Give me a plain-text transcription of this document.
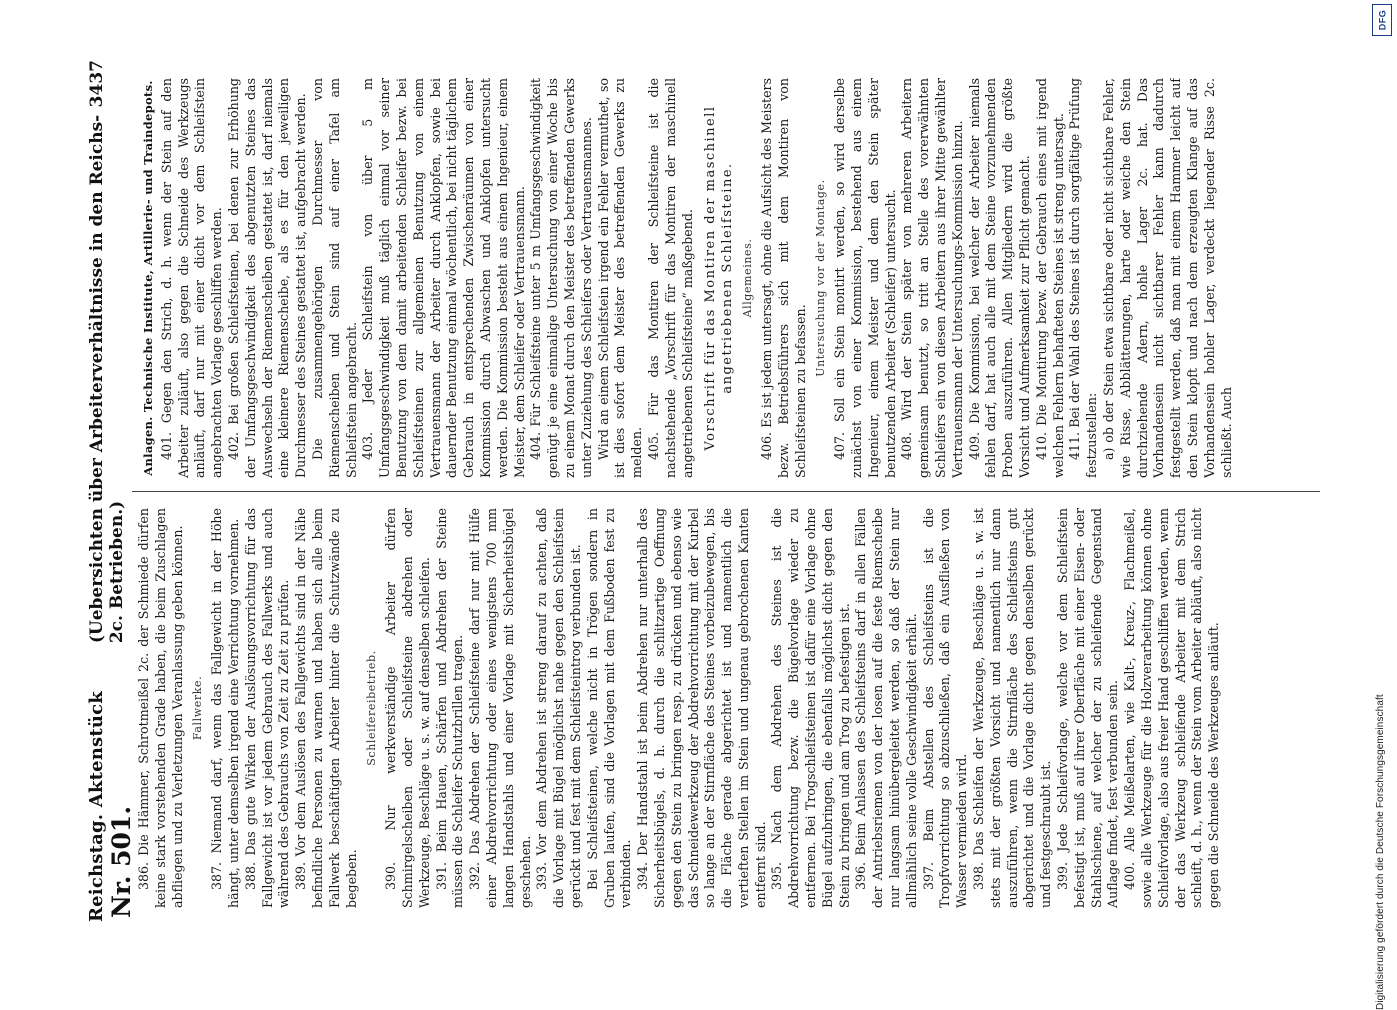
Reichstag. Aktenstück Nr. 501.
(Uebersichten über Arbeiterverhältnisse in den Reichs- 2c. Betrieben.)
3437

386. Die Hämmer, Schrotmeißel 2c. der Schmiede dürfen keine stark vorstehenden Grade haben, die beim Zuschlagen abfliegen und zu Verletzungen Veranlassung geben können. Fallwerke. 387. Niemand darf, wenn das Fallgewicht in der Höhe hängt, unter demselben irgend eine Verrichtung vornehmen. 388. Das gute Wirken der Auslösungsvorrichtung für das Fallgewicht ist vor jedem Gebrauch des Fallwerks und auch während des Gebrauchs von Zeit zu Zeit zu prüfen. 389. Vor dem Auslösen des Fallgewichts sind in der Nähe befindliche Personen zu warnen und haben sich alle beim Fallwerk beschäftigten Arbeiter hinter die Schutzwände zu begeben.

Schleifereibetrieb. 390. Nur werkverständige Arbeiter dürfen Schmirgelscheiben oder Schleifsteine abdrehen oder Werkzeuge, Beschläge u. s. w. auf denselben schleifen. 391. Beim Hauen, Schärfen und Abdrehen der Steine müssen die Schleifer Schutzbrillen tragen. 392. Das Abdrehen der Schleifsteine darf nur mit Hülfe einer Abdrehvorrichtung oder eines wenigstens 700 mm langen Handstahls und einer Vorlage mit Sicherheitsbügel geschehen. 393. Vor dem Abdrehen ist streng darauf zu achten, daß die Vorlage mit Bügel möglichst nahe gegen den Schleifstein gerückt und fest mit dem Schleifsteintrog verbunden ist. Bei Schleifsteinen, welche nicht in Trögen sondern in Gruben laufen, sind die Vorlagen mit dem Fußboden fest zu verbinden. 394. Der Handstahl ist beim Abdrehen nur unterhalb des Sicherheitsbügels, d. h. durch die schlitzartige Oeffnung gegen den Stein zu bringen resp. zu drücken und ebenso wie das Schneidewerkzeug der Abdrehvorrichtung mit der Kurbel so lange an der Stirnfläche des Steines vorbeizubewegen, bis die Fläche gerade abgerichtet ist und namentlich die vertieften Stellen im Stein und ungenau gebrochenen Kanten entfernt sind. 395. Nach dem Abdrehen des Steines ist die Abdrehvorrichtung bezw. die Bügelvorlage wieder zu entfernen. Bei Trogschleifsteinen ist dafür eine Vorlage ohne Bügel aufzubringen, die ebenfalls möglichst dicht gegen den Stein zu bringen und am Trog zu befestigen ist. 396. Beim Anlassen des Schleifsteins darf in allen Fällen der Antriebsriemen von der losen auf die feste Riemscheibe nur langsam hinübergeleitet werden, so daß der Stein nur allmählich seine volle Geschwindigkeit erhält. 397. Beim Abstellen des Schleifsteins ist die Tropfvorrichtung so abzuschließen, daß ein Ausfließen von Wasser vermieden wird. 398. Das Schleifen der Werkzeuge, Beschläge u. s. w. ist stets mit der größten Vorsicht und namentlich nur dann auszuführen, wenn die Stirnfläche des Schleifsteins gut abgerichtet und die Vorlage dicht gegen denselben gerückt und festgeschraubt ist. 399. Jede Schleifvorlage, welche vor dem Schleifstein befestigt ist, muß auf ihrer Oberfläche mit einer Eisen- oder Stahlschiene, auf welcher der zu schleifende Gegenstand Auflage findet, fest verbunden sein. 400. Alle Meißelarten, wie Kalt-, Kreuz-, Flachmeißel, sowie alle Werkzeuge für die Holzverarbeitung können ohne Schleifvorlage, also aus freier Hand geschliffen werden, wenn der das Werkzeug schleifende Arbeiter mit dem Strich schleift, d. h., wenn der Stein vom Arbeiter abläuft, also nicht gegen die Schneide des Werkzeuges anläuft.

Anlagen. Technische Institute, Artillerie- und Traindepots. 401. Gegen den Strich, d. h. wenn der Stein auf den Arbeiter zuläuft, also gegen die Schneide des Werkzeugs anläuft, darf nur mit einer dicht vor dem Schleifstein angebrachten Vorlage geschliffen werden. 402. Bei großen Schleifsteinen, bei denen zur Erhöhung der Umfangsgeschwindigkeit des abgenutzten Steines das Auswechseln der Riemenscheiben gestattet ist, darf niemals eine kleinere Riemenscheibe, als es für den jeweiligen Durchmesser des Steines gestattet ist, aufgebracht werden. Die zusammengehörigen Durchmesser von Riemenscheiben und Stein sind auf einer Tafel am Schleifstein angebracht. 403. Jeder Schleifstein von über 5 m Umfangsgeschwindigkeit muß täglich einmal vor seiner Benutzung von dem damit arbeitenden Schleifer bezw. bei Schleifsteinen zur allgemeinen Benutzung von einem Vertrauensmann der Arbeiter durch Anklopfen, sowie bei dauernder Benutzung einmal wöchentlich, bei nicht täglichem Gebrauch in entsprechenden Zwischenräumen von einer Kommission durch Abwaschen und Anklopfen untersucht werden. Die Kommission besteht aus einem Ingenieur, einem Meister, dem Schleifer oder Vertrauensmann. 404. Für Schleifsteine unter 5 m Umfangsgeschwindigkeit genügt je eine einmalige Untersuchung von einer Woche bis zu einem Monat durch den Meister des betreffenden Gewerks unter Zuziehung des Schleifers oder Vertrauensmannes. Wird an einem Schleifstein irgend ein Fehler vermuthet, so ist dies sofort dem Meister des betreffenden Gewerks zu melden. 405. Für das Montiren der Schleifsteine ist die nachstehende „Vorschrift für das Montiren der maschinell angetriebenen Schleifsteine“ maßgebend. Vorschrift für das Montiren der maschinell angetriebenen Schleifsteine. Allgemeines. 406. Es ist jedem untersagt, ohne die Aufsicht des Meisters bezw. Betriebsführers sich mit dem Montiren von Schleifsteinen zu befassen.

Untersuchung vor der Montage. 407. Soll ein Stein montirt werden, so wird derselbe zunächst von einer Kommission, bestehend aus einem Ingenieur, einem Meister und dem den Stein später benutzenden Arbeiter (Schleifer) untersucht. 408. Wird der Stein später von mehreren Arbeitern gemeinsam benutzt, so tritt an Stelle des vorerwähnten Schleifers ein von diesen Arbeitern aus ihrer Mitte gewählter Vertrauensmann der Untersuchungs-Kommission hinzu. 409. Die Kommission, bei welcher der Arbeiter niemals fehlen darf, hat auch alle mit dem Steine vorzunehmenden Proben auszuführen. Allen Mitgliedern wird die größte Vorsicht und Aufmerksamkeit zur Pflicht gemacht. 410. Die Montirung bezw. der Gebrauch eines mit irgend welchen Fehlern behafteten Steines ist streng untersagt. 411. Bei der Wahl des Steines ist durch sorgfältige Prüfung festzustellen: a) ob der Stein etwa sichtbare oder nicht sichtbare Fehler, wie Risse, Abblätterungen, harte oder weiche den Stein durchziehende Adern, hohle Lager 2c. hat. Das Vorhandensein nicht sichtbarer Fehler kann dadurch festgestellt werden, daß man mit einem Hammer leicht auf den Stein klopft und nach dem erzeugten Klange auf das Vorhandensein hohler Lager, verdeckt liegender Risse 2c. schließt. Auch

DFG
Digitalisierung gefördert durch die Deutsche Forschungsgemeinschaft
